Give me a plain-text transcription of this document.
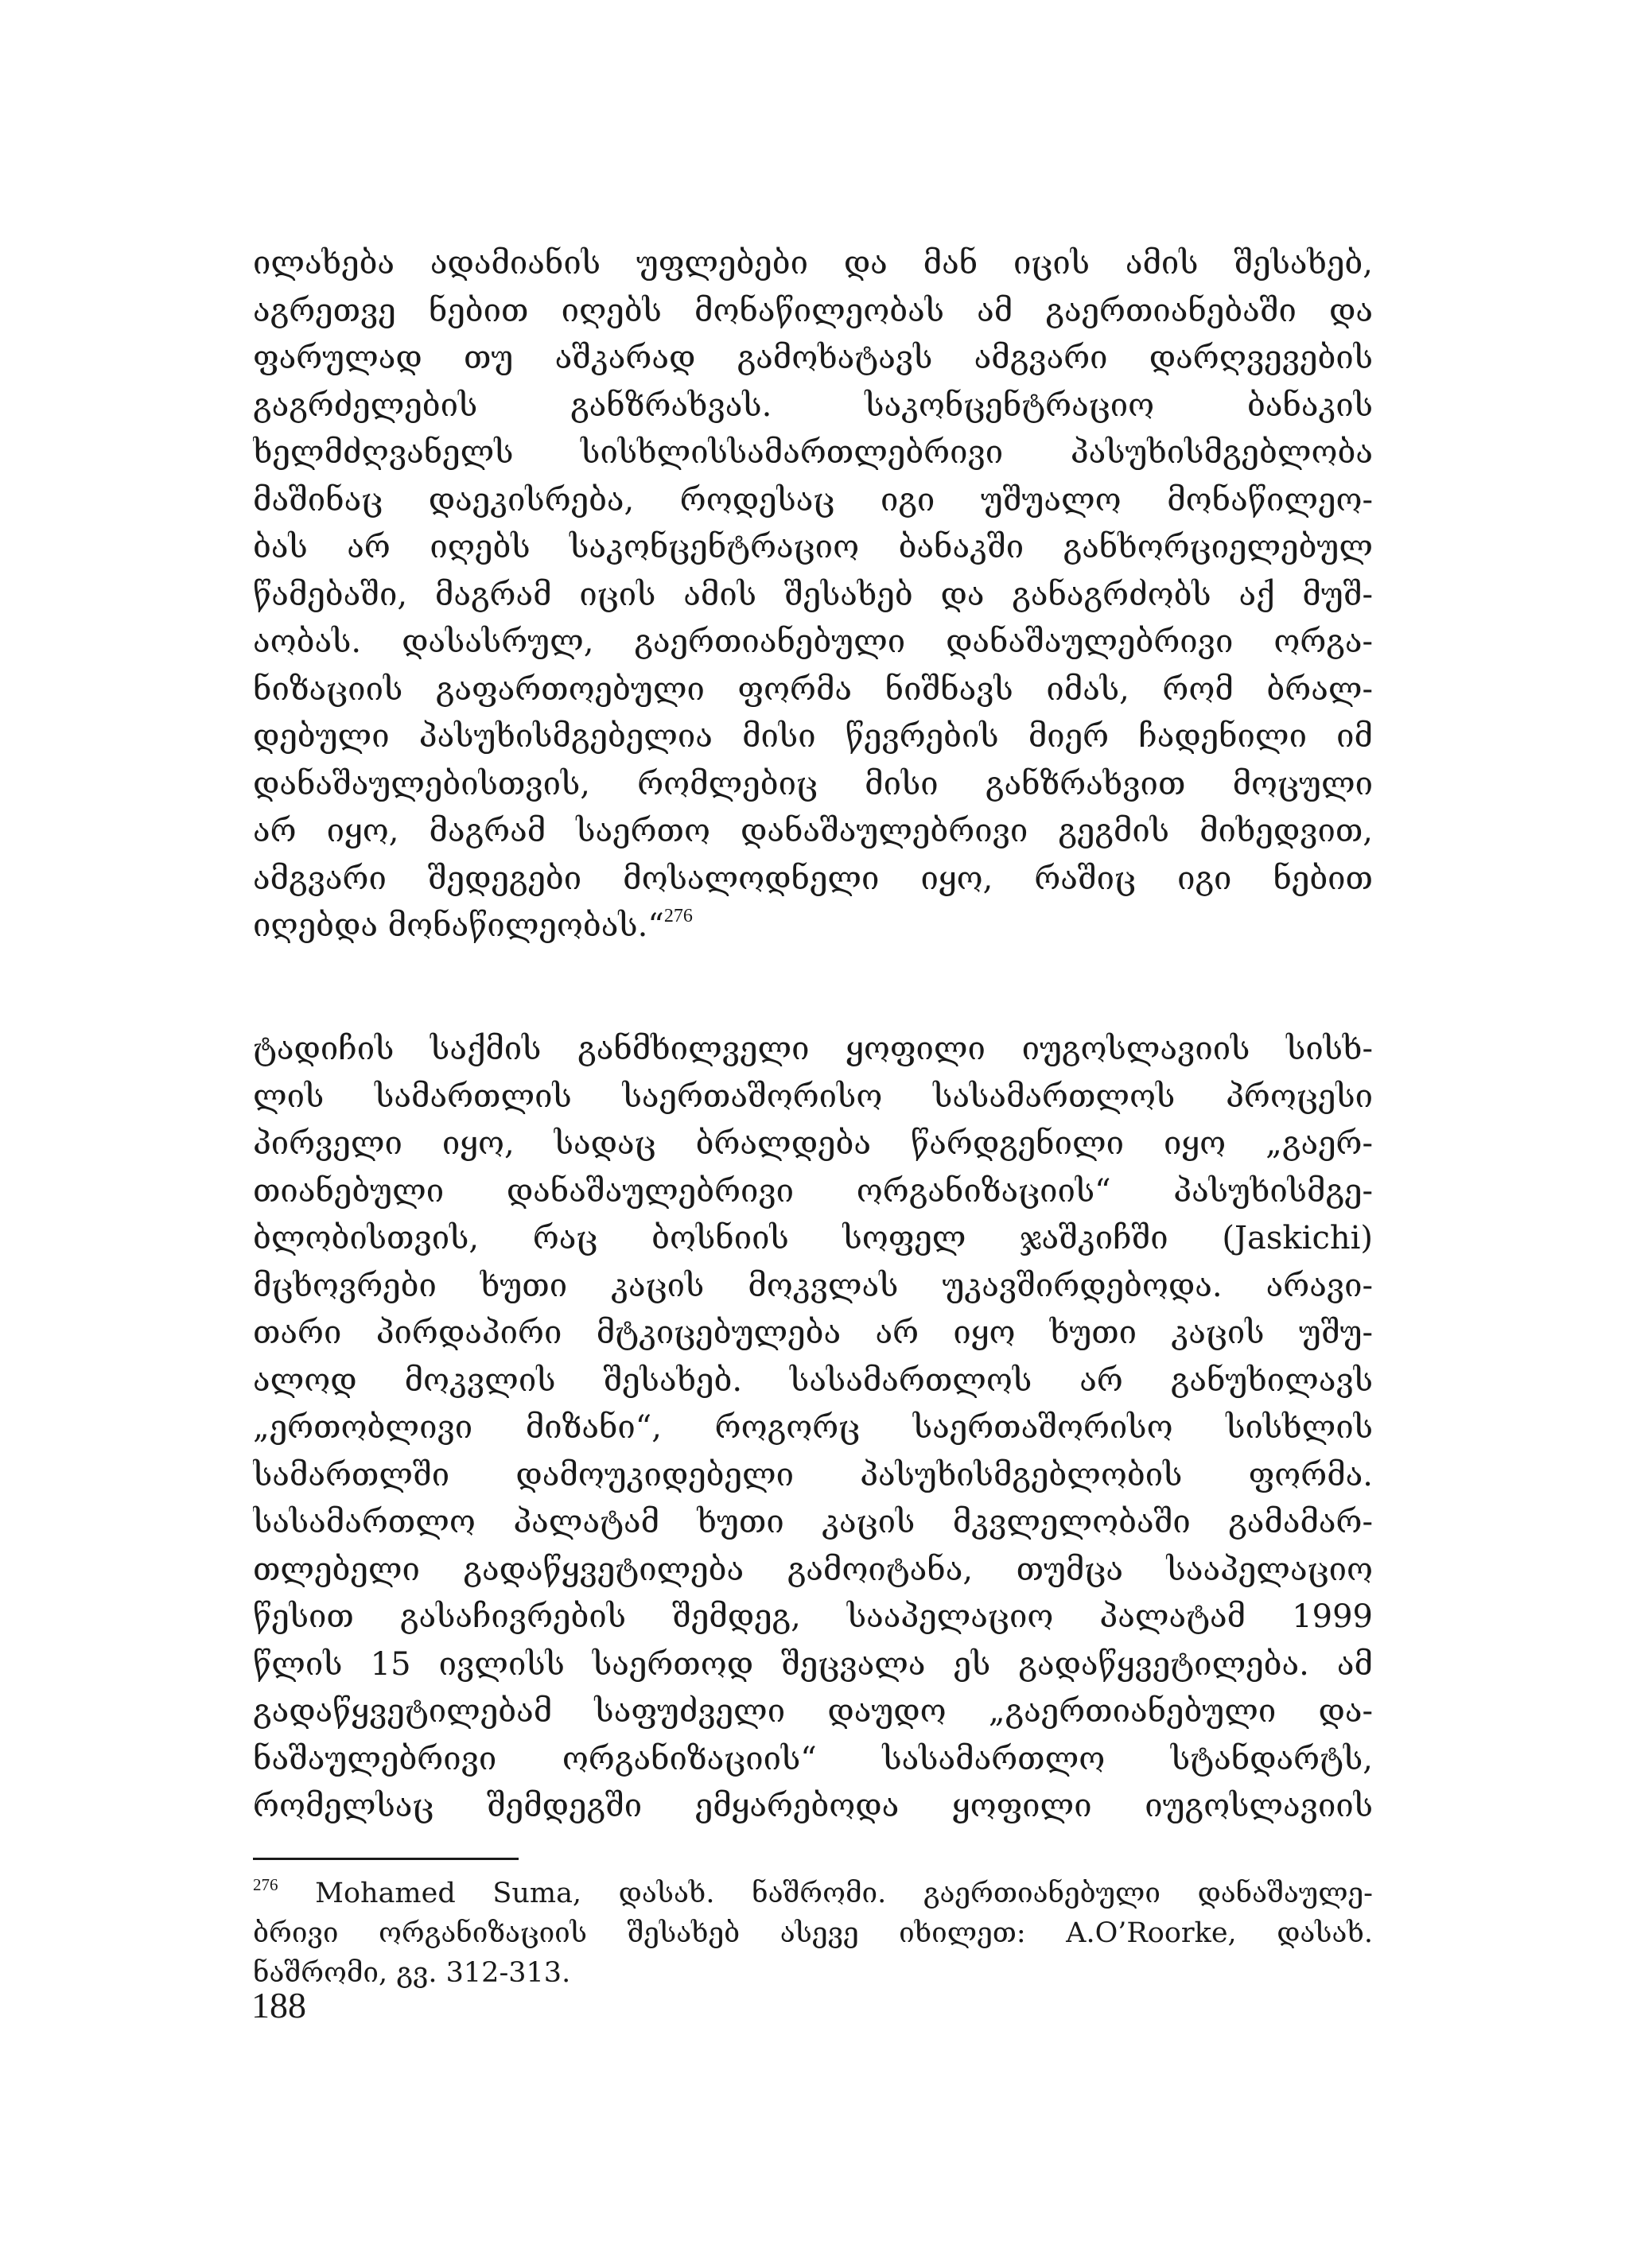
ილახება ადამიანის უფლებები და მან იცის ამის შესახებ,
აგრეთვე ნებით იღებს მონაწილეობას ამ გაერთიანებაში და
ფარულად თუ აშკარად გამოხატავს ამგვარი დარღვევების
გაგრძელების განზრახვას. საკონცენტრაციო ბანაკის
ხელმძღვანელს სისხლისსამართლებრივი პასუხისმგებლობა
მაშინაც დაეკისრება, როდესაც იგი უშუალო მონაწილეო-
ბას არ იღებს საკონცენტრაციო ბანაკში განხორციელებულ
წამებაში, მაგრამ იცის ამის შესახებ და განაგრძობს აქ მუშ-
აობას. დასასრულ, გაერთიანებული დანაშაულებრივი ორგა-
ნიზაციის გაფართოებული ფორმა ნიშნავს იმას, რომ ბრალ-
დებული პასუხისმგებელია მისი წევრების მიერ ჩადენილი იმ
დანაშაულებისთვის, რომლებიც მისი განზრახვით მოცული
არ იყო, მაგრამ საერთო დანაშაულებრივი გეგმის მიხედვით,
ამგვარი შედეგები მოსალოდნელი იყო, რაშიც იგი ნებით
იღებდა მონაწილეობას.“$^{276}$
ტადიჩის საქმის განმხილველი ყოფილი იუგოსლავიის სისხ-
ლის სამართლის საერთაშორისო სასამართლოს პროცესი
პირველი იყო, სადაც ბრალდება წარდგენილი იყო „გაერ-
თიანებული დანაშაულებრივი ორგანიზაციის“ პასუხისმგე-
ბლობისთვის, რაც ბოსნიის სოფელ ჯაშკიჩში (Jaskichi)
მცხოვრები ხუთი კაცის მოკვლას უკავშირდებოდა. არავი-
თარი პირდაპირი მტკიცებულება არ იყო ხუთი კაცის უშუ-
ალოდ მოკვლის შესახებ. სასამართლოს არ განუხილავს
„ერთობლივი მიზანი“, როგორც საერთაშორისო სისხლის
სამართლში დამოუკიდებელი პასუხისმგებლობის ფორმა.
სასამართლო პალატამ ხუთი კაცის მკვლელობაში გამამარ-
თლებელი გადაწყვეტილება გამოიტანა, თუმცა სააპელაციო
წესით გასაჩივრების შემდეგ, სააპელაციო პალატამ 1999
წლის 15 ივლისს საერთოდ შეცვალა ეს გადაწყვეტილება. ამ
გადაწყვეტილებამ საფუძველი დაუდო „გაერთიანებული და-
ნაშაულებრივი ორგანიზაციის“ სასამართლო სტანდარტს,
რომელსაც შემდეგში ემყარებოდა ყოფილი იუგოსლავიის
$^{276}$ Mohamed Suma, დასახ. ნაშრომი. გაერთიანებული დანაშაულე-
ბრივი ორგანიზაციის შესახებ ასევე იხილეთ: A.O’Roorke, დასახ.
ნაშრომი, გვ. 312-313.
188
